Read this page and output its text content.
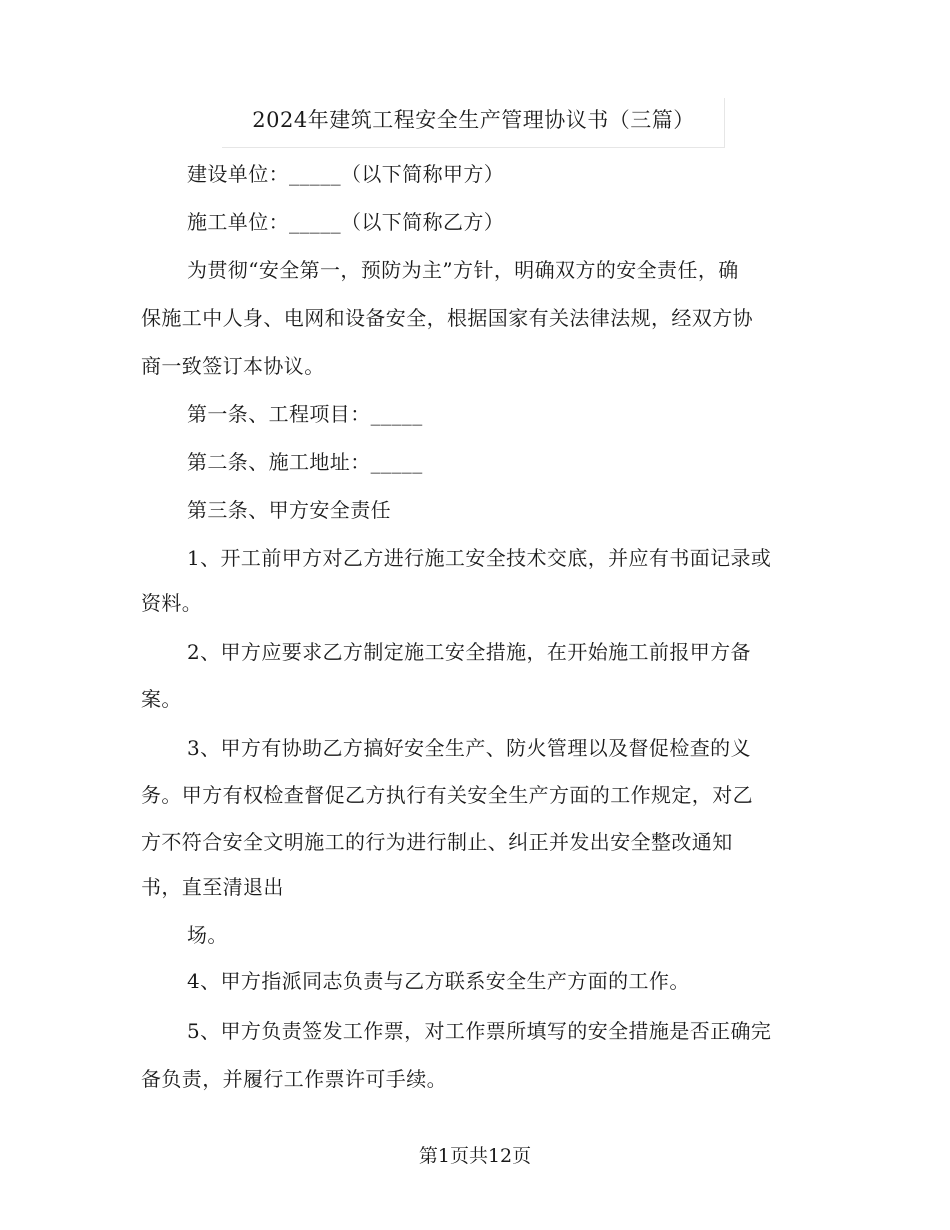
2024年建筑工程安全生产管理协议书（三篇）
建设单位：_____（以下简称甲方）
施工单位：_____（以下简称乙方）
为贯彻“安全第一，预防为主”方针，明确双方的安全责任，确
保施工中人身、电网和设备安全，根据国家有关法律法规，经双方协
商一致签订本协议。
第一条、工程项目：_____
第二条、施工地址：_____
第三条、甲方安全责任
1、开工前甲方对乙方进行施工安全技术交底，并应有书面记录或
资料。
2、甲方应要求乙方制定施工安全措施，在开始施工前报甲方备
案。
3、甲方有协助乙方搞好安全生产、防火管理以及督促检查的义
务。甲方有权检查督促乙方执行有关安全生产方面的工作规定，对乙
方不符合安全文明施工的行为进行制止、纠正并发出安全整改通知
书，直至清退出
场。
4、甲方指派同志负责与乙方联系安全生产方面的工作。
5、甲方负责签发工作票，对工作票所填写的安全措施是否正确完
备负责，并履行工作票许可手续。
第1页共12页
